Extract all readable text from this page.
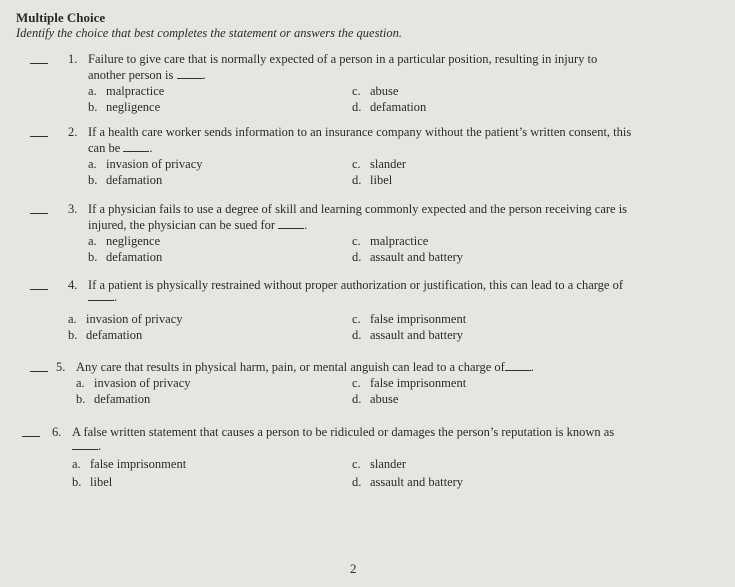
Multiple Choice
Identify the choice that best completes the statement or answers the question.
1. Failure to give care that is normally expected of a person in a particular position, resulting in injury to
another person is .
a. malpractice
b. negligence
c. abuse
d. defamation
2. If a health care worker sends information to an insurance company without the patient’s written consent, this
can be .
a. invasion of privacy
b. defamation
c. slander
d. libel
3. If a physician fails to use a degree of skill and learning commonly expected and the person receiving care is
injured, the physician can be sued for .
a. negligence
b. defamation
c. malpractice
d. assault and battery
4. If a patient is physically restrained without proper authorization or justification, this can lead to a charge of
.
a. invasion of privacy
b. defamation
c. false imprisonment
d. assault and battery
5. Any care that results in physical harm, pain, or mental anguish can lead to a charge of .
a. invasion of privacy
b. defamation
c. false imprisonment
d. abuse
6. A false written statement that causes a person to be ridiculed or damages the person’s reputation is known as
.
a. false imprisonment
b. libel
c. slander
d. assault and battery
2
